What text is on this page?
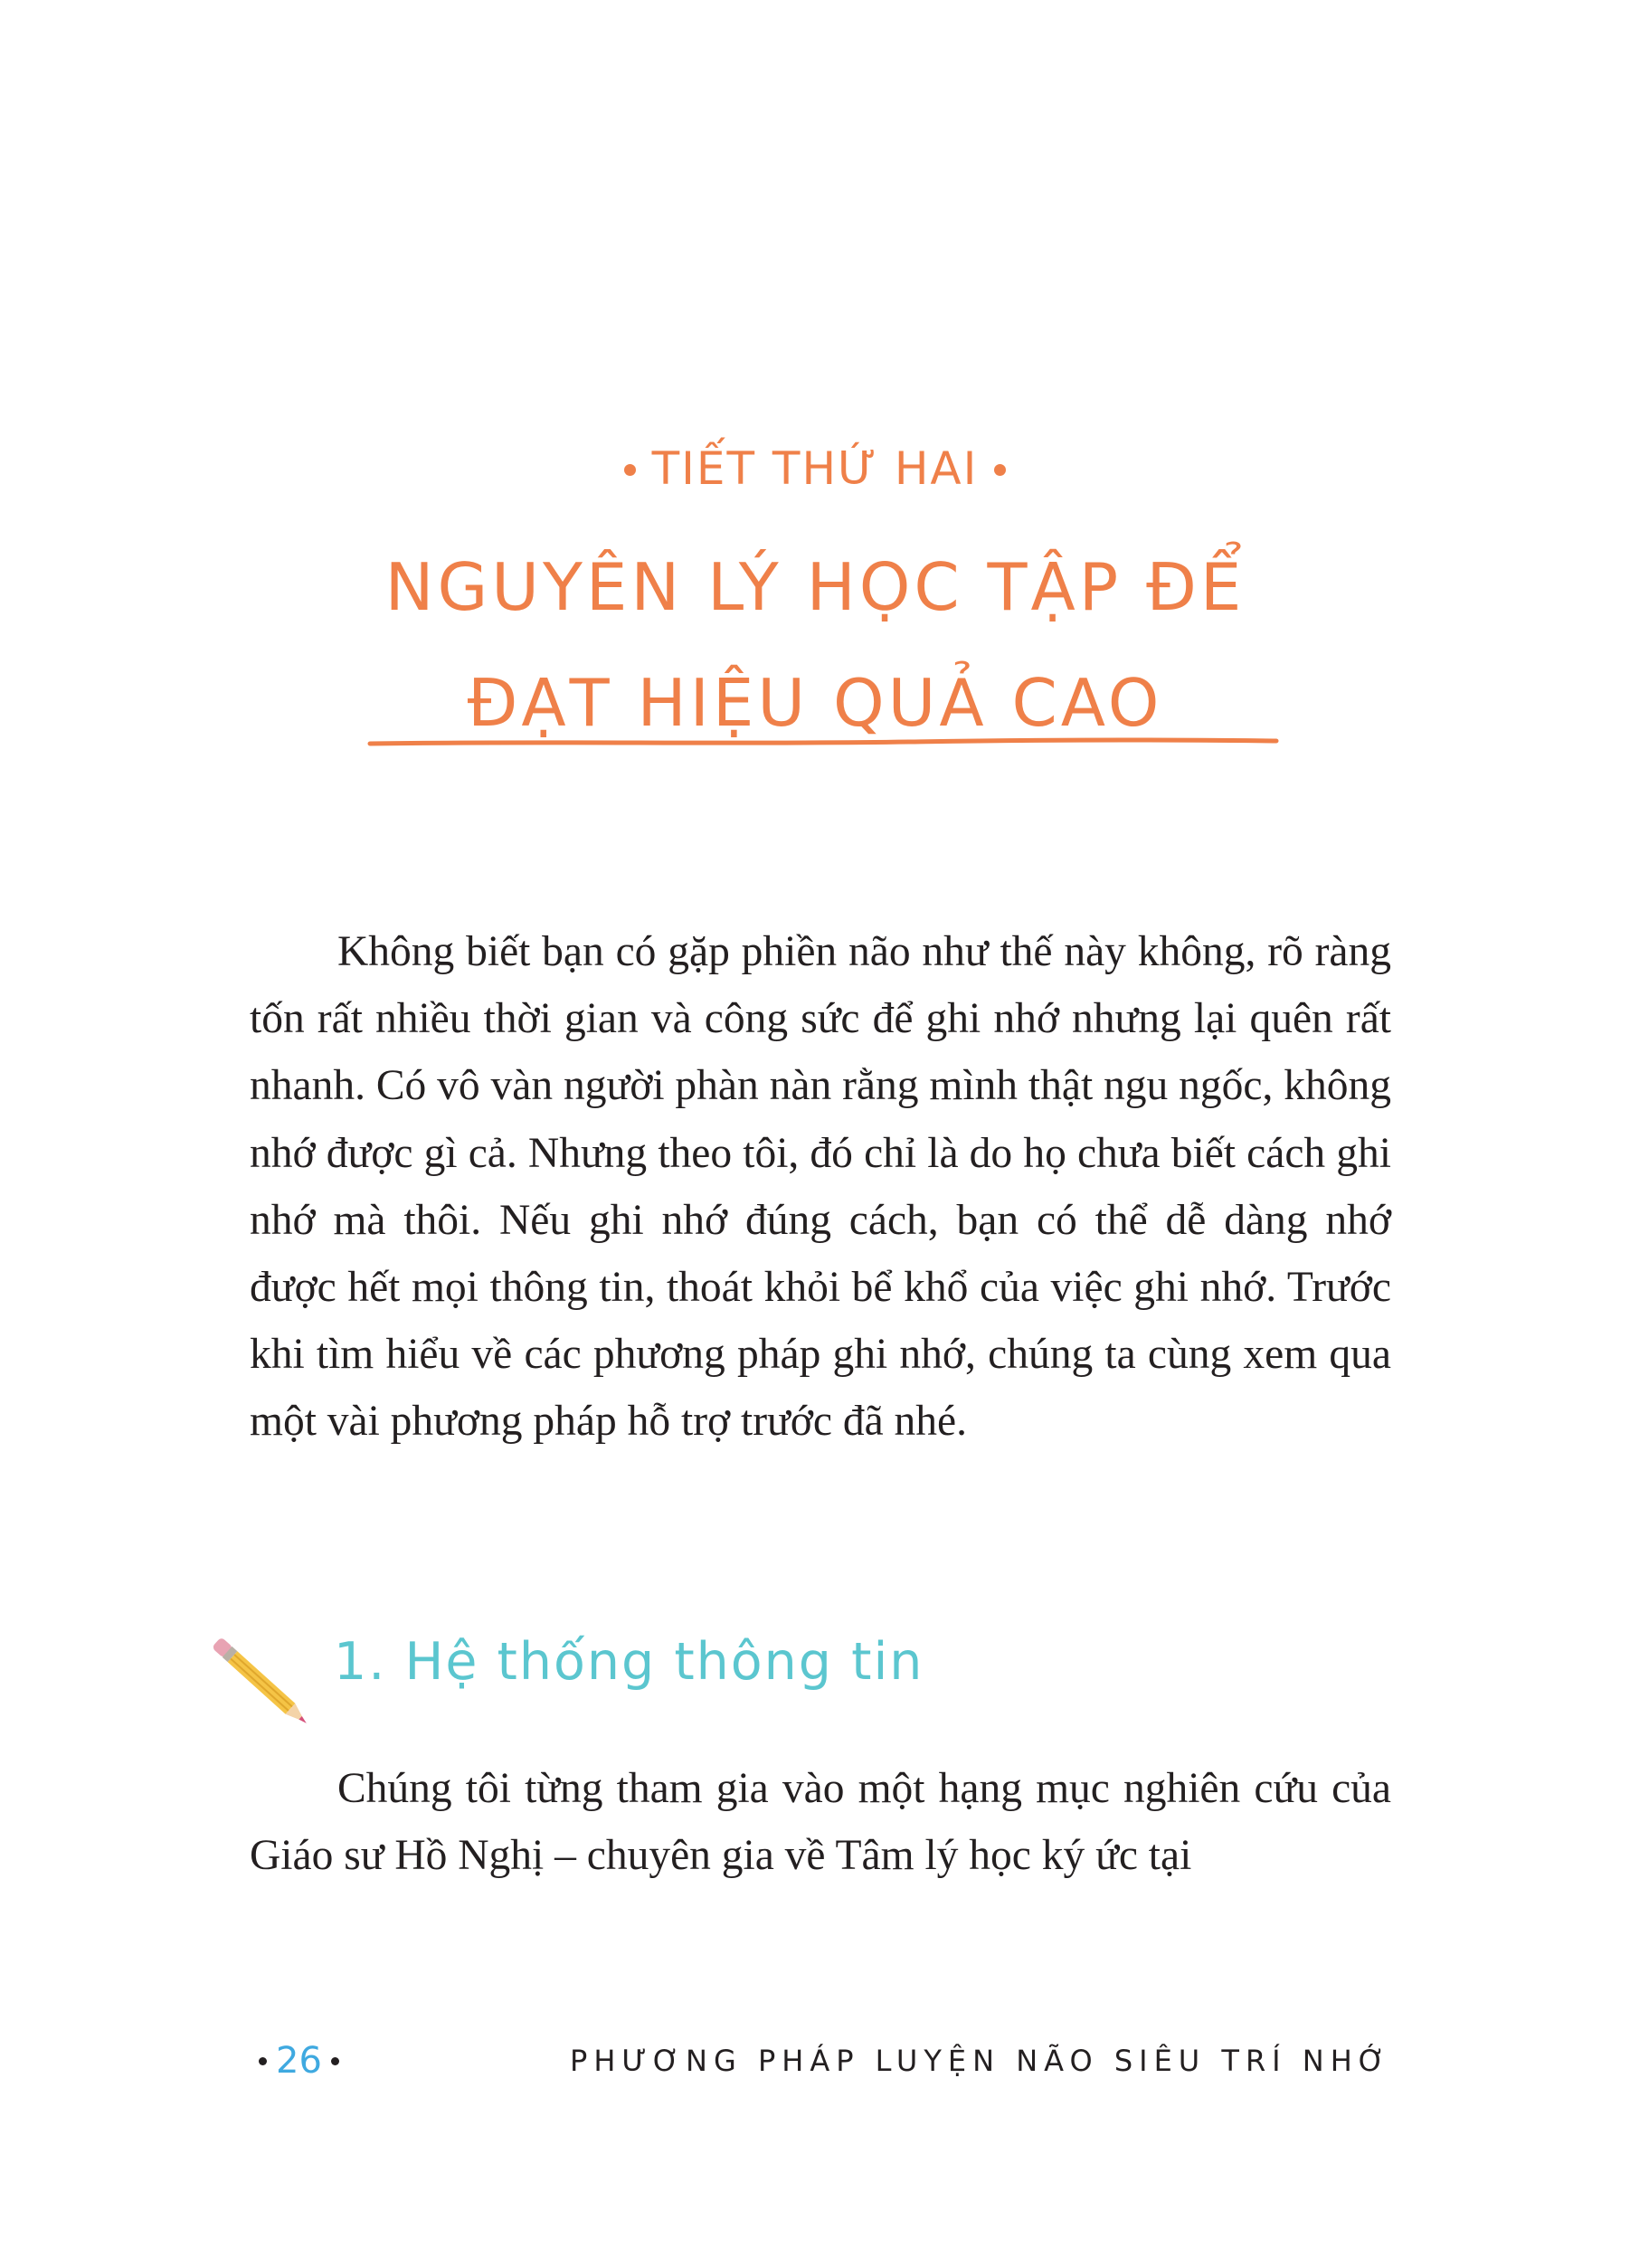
TIẾT THỨ HAI
NGUYÊN LÝ HỌC TẬP ĐỂ
ĐẠT HIỆU QUẢ CAO

Không biết bạn có gặp phiền não như thế này không, rõ ràng tốn rất nhiều thời gian và công sức để ghi nhớ nhưng lại quên rất nhanh. Có vô vàn người phàn nàn rằng mình thật ngu ngốc, không nhớ được gì cả. Nhưng theo tôi, đó chỉ là do họ chưa biết cách ghi nhớ mà thôi. Nếu ghi nhớ đúng cách, bạn có thể dễ dàng nhớ được hết mọi thông tin, thoát khỏi bể khổ của việc ghi nhớ. Trước khi tìm hiểu về các phương pháp ghi nhớ, chúng ta cùng xem qua một vài phương pháp hỗ trợ trước đã nhé.

1. Hệ thống thông tin

Chúng tôi từng tham gia vào một hạng mục nghiên cứu của Giáo sư Hồ Nghị – chuyên gia về Tâm lý học ký ức tại

26	PHƯƠNG PHÁP LUYỆN NÃO SIÊU TRÍ NHỚ
